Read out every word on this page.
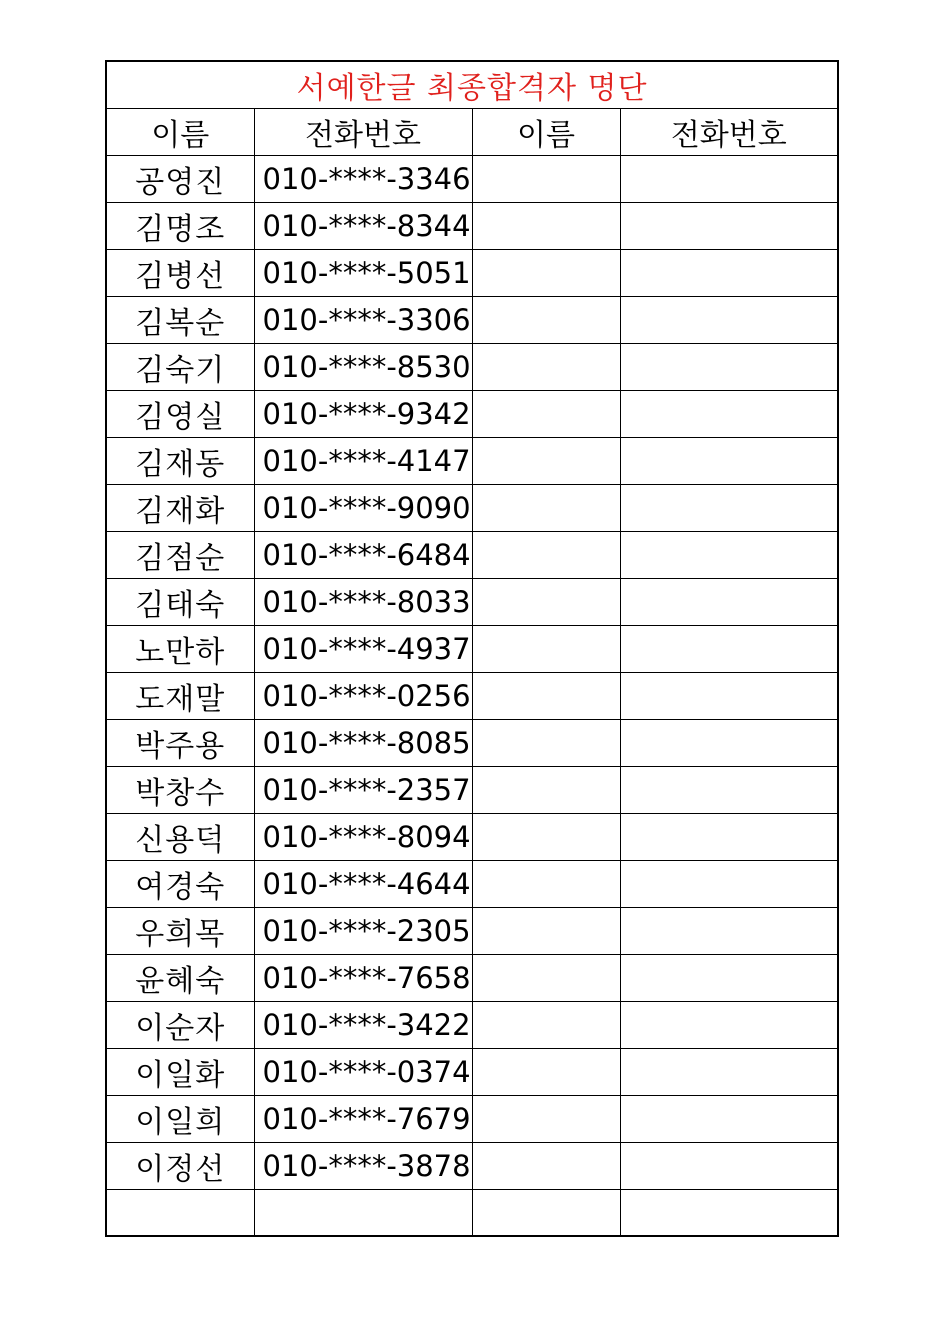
서예한글 최종합격자 명단			
이름	전화번호	이름	전화번호
공영진	010-****-3346		
김명조	010-****-8344		
김병선	010-****-5051		
김복순	010-****-3306		
김숙기	010-****-8530		
김영실	010-****-9342		
김재동	010-****-4147		
김재화	010-****-9090		
김점순	010-****-6484		
김태숙	010-****-8033		
노만하	010-****-4937		
도재말	010-****-0256		
박주용	010-****-8085		
박창수	010-****-2357		
신용덕	010-****-8094		
여경숙	010-****-4644		
우희목	010-****-2305		
윤혜숙	010-****-7658		
이순자	010-****-3422		
이일화	010-****-0374		
이일희	010-****-7679		
이정선	010-****-3878		
